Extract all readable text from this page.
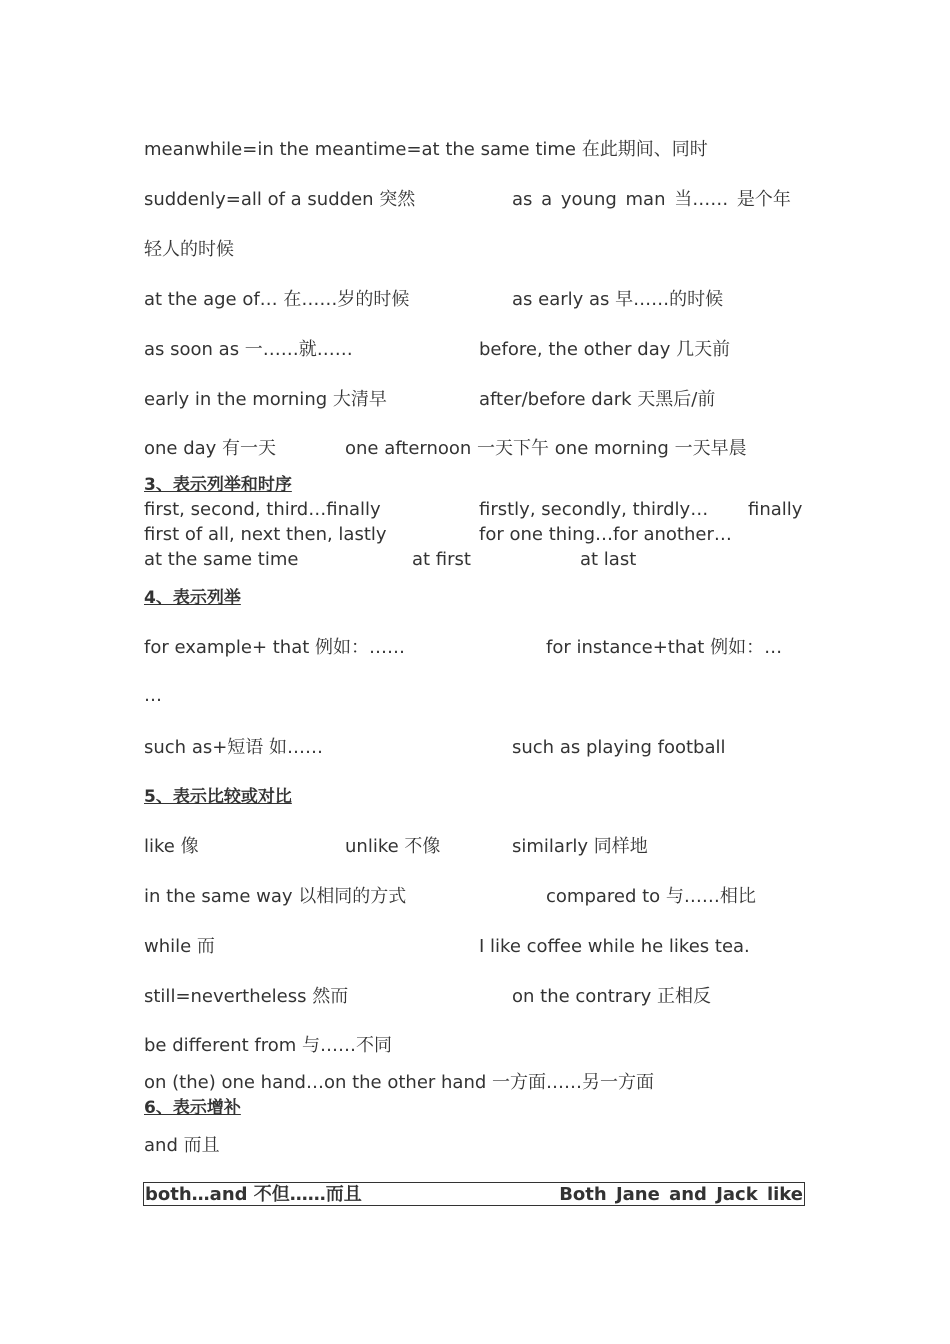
meanwhile=in the meantime=at the same time 在此期间、同时
suddenly=all of a sudden 突然	as a young man 当…… 是个年
轻人的时候
at the age of… 在……岁的时候	as early as 早……的时候
as soon as 一……就……	before, the other day 几天前
early in the morning 大清早	after/before dark 天黑后/前
one day 有一天	one afternoon 一天下午 one morning 一天早晨
3、表示列举和时序
first, second, third…finally	firstly, secondly, thirdly… finally
first of all, next then, lastly	for one thing…for another…
at the same time	at first	at last
4、表示列举
for example+ that 例如：……	for instance+that 例如：…
…
such as+短语 如……	such as playing football
5、表示比较或对比
like 像	unlike 不像	similarly 同样地
in the same way 以相同的方式	compared to 与……相比
while 而	I like coffee while he likes tea.
still=nevertheless 然而	on the contrary 正相反
be different from 与……不同
on (the) one hand…on the other hand 一方面……另一方面
6、表示增补
and 而且
both…and 不但……而且	Both Jane and Jack like
